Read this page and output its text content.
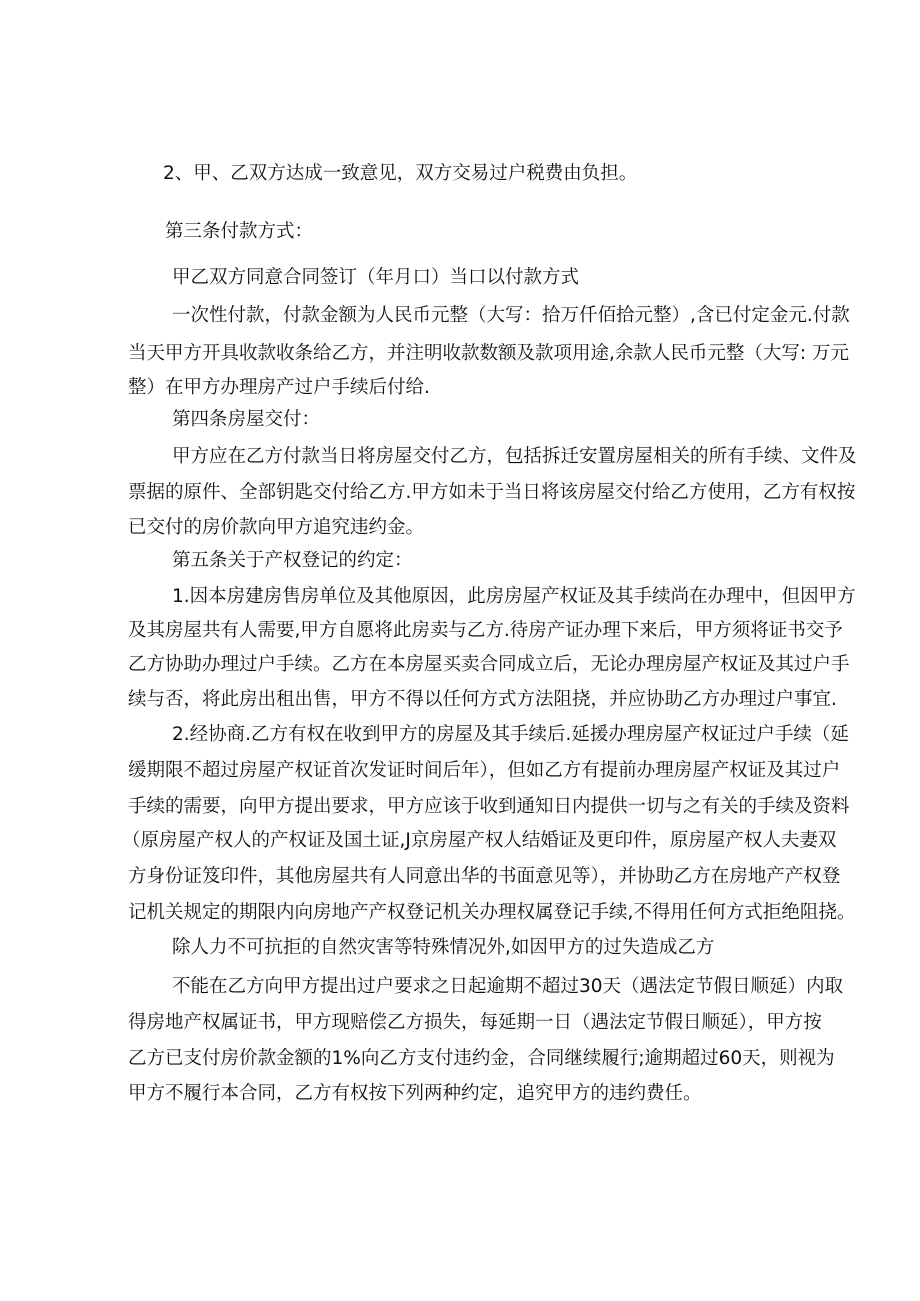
2、甲、乙双方达成一致意见，双方交易过户税费由负担。
第三条付款方式：
甲乙双方同意合同签订（年月口）当口以付款方式
一次性付款，付款金额为人民币元整（大写：拾万仟佰拾元整）,含已付定金元.付款
当天甲方开具收款收条给乙方，并注明收款数额及款项用途,余款人民币元整（大写: 万元
整）在甲方办理房产过户手续后付给.
第四条房屋交付：
甲方应在乙方付款当日将房屋交付乙方，包括拆迁安置房屋相关的所有手续、文件及
票据的原件、全部钥匙交付给乙方.甲方如未于当日将该房屋交付给乙方使用，乙方有权按
已交付的房价款向甲方追究违约金。
第五条关于产权登记的约定：
1.因本房建房售房单位及其他原因，此房房屋产权证及其手续尚在办理中，但因甲方
及其房屋共有人需要,甲方自愿将此房卖与乙方.待房产证办理下来后，甲方须将证书交予
乙方协助办理过户手续。乙方在本房屋买卖合同成立后，无论办理房屋产权证及其过户手
续与否，将此房出租出售，甲方不得以任何方式方法阻挠，并应协助乙方办理过户事宜.
2.经协商.乙方有权在收到甲方的房屋及其手续后.延援办理房屋产权证过户手续（延
缓期限不超过房屋产权证首次发证时间后年），但如乙方有提前办理房屋产权证及其过户
手续的需要，向甲方提出要求，甲方应该于收到通知日内提供一切与之有关的手续及资料
（原房屋产权人的产权证及国土证,J京房屋产权人结婚证及更印件，原房屋产权人夫妻双
方身份证笈印件，其他房屋共有人同意出华的书面意见等），并协助乙方在房地产产权登
记机关规定的期限内向房地产产权登记机关办理权属登记手续,不得用任何方式拒绝阻挠。
除人力不可抗拒的自然灾害等特殊情况外,如因甲方的过失造成乙方
不能在乙方向甲方提出过户要求之日起逾期不超过30天（遇法定节假日顺延）内取
得房地产权属证书，甲方现赔偿乙方损失，每延期一日（遇法定节假日顺延），甲方按
乙方已支付房价款金额的1%向乙方支付违约金，合同继续履行;逾期超过60天，则视为
甲方不履行本合同，乙方有权按下列两种约定，追究甲方的违约费任。
